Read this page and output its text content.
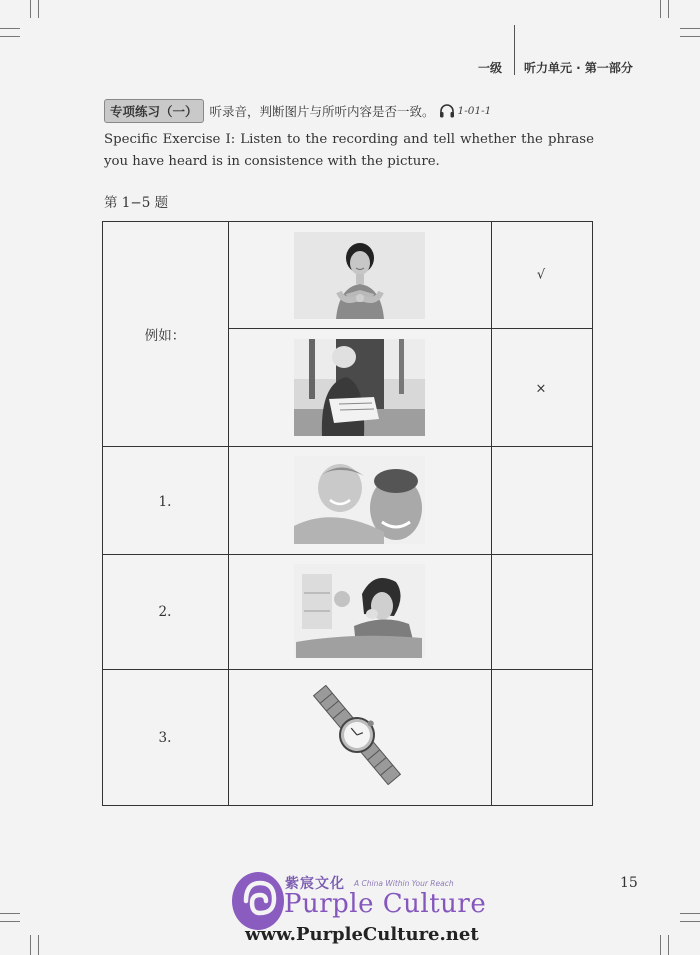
一级 听力单元 · 第一部分
专项练习（一） 听录音，判断图片与所听内容是否一致。 1-01-1
Specific Exercise I: Listen to the recording and tell whether the phrase you have heard is in consistence with the picture.
第 1−5 题
例如：
√
×
1.
2.
3.
15
紫宸文化 A China Within Your Reach
Purple Culture
www.PurpleCulture.net
